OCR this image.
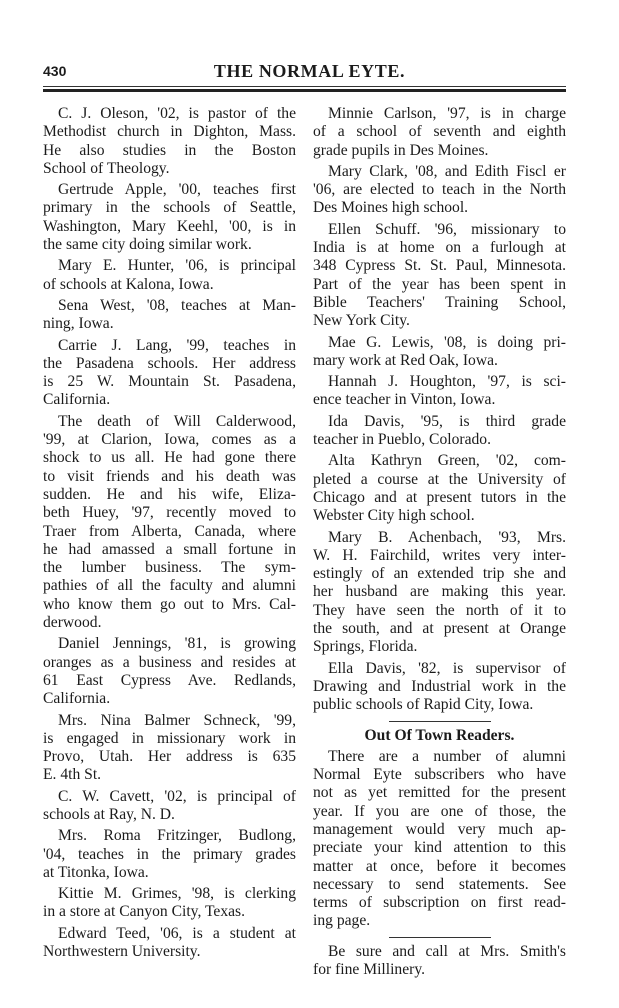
430	THE NORMAL EYTE.
C. J. Oleson, '02, is pastor of the
Methodist church in Dighton, Mass.
He also studies in the Boston
School of Theology.
Gertrude Apple, '00, teaches first
primary in the schools of Seattle,
Washington, Mary Keehl, '00, is in
the same city doing similar work.
Mary E. Hunter, '06, is principal
of schools at Kalona, Iowa.
Sena West, '08, teaches at Man-
ning, Iowa.
Carrie J. Lang, '99, teaches in
the Pasadena schools. Her address
is 25 W. Mountain St. Pasadena,
California.
The death of Will Calderwood,
'99, at Clarion, Iowa, comes as a
shock to us all. He had gone there
to visit friends and his death was
sudden. He and his wife, Eliza-
beth Huey, '97, recently moved to
Traer from Alberta, Canada, where
he had amassed a small fortune in
the lumber business. The sym-
pathies of all the faculty and alumni
who know them go out to Mrs. Cal-
derwood.
Daniel Jennings, '81, is growing
oranges as a business and resides at
61 East Cypress Ave. Redlands,
California.
Mrs. Nina Balmer Schneck, '99,
is engaged in missionary work in
Provo, Utah. Her address is 635
E. 4th St.
C. W. Cavett, '02, is principal of
schools at Ray, N. D.
Mrs. Roma Fritzinger, Budlong,
'04, teaches in the primary grades
at Titonka, Iowa.
Kittie M. Grimes, '98, is clerking
in a store at Canyon City, Texas.
Edward Teed, '06, is a student at
Northwestern University.
Minnie Carlson, '97, is in charge
of a school of seventh and eighth
grade pupils in Des Moines.
Mary Clark, '08, and Edith Fiscl er
'06, are elected to teach in the North
Des Moines high school.
Ellen Schuff. '96, missionary to
India is at home on a furlough at
348 Cypress St. St. Paul, Minnesota.
Part of the year has been spent in
Bible Teachers' Training School,
New York City.
Mae G. Lewis, '08, is doing pri-
mary work at Red Oak, Iowa.
Hannah J. Houghton, '97, is sci-
ence teacher in Vinton, Iowa.
Ida Davis, '95, is third grade
teacher in Pueblo, Colorado.
Alta Kathryn Green, '02, com-
pleted a course at the University of
Chicago and at present tutors in the
Webster City high school.
Mary B. Achenbach, '93, Mrs.
W. H. Fairchild, writes very inter-
estingly of an extended trip she and
her husband are making this year.
They have seen the north of it to
the south, and at present at Orange
Springs, Florida.
Ella Davis, '82, is supervisor of
Drawing and Industrial work in the
public schools of Rapid City, Iowa.
Out Of Town Readers.
There are a number of alumni
Normal Eyte subscribers who have
not as yet remitted for the present
year. If you are one of those, the
management would very much ap-
preciate your kind attention to this
matter at once, before it becomes
necessary to send statements. See
terms of subscription on first read-
ing page.
Be sure and call at Mrs. Smith's
for fine Millinery.
